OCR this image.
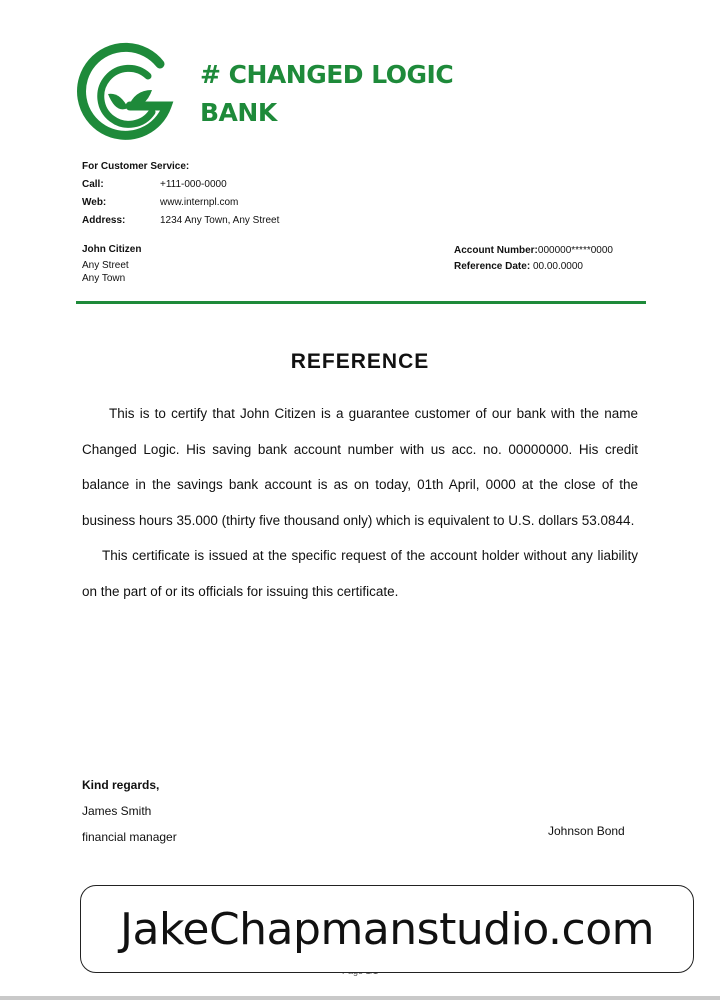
# CHANGED LOGIC
BANK
For Customer Service:
Call:	+111-000-0000
Web:	www.internpl.com
Address:	1234 Any Town, Any Street
John Citizen
Any Street
Any Town
Account Number:000000*****0000
Reference Date: 00.00.0000
REFERENCE

This is to certify that John Citizen is a guarantee customer of our bank with the name Changed Logic. His saving bank account number with us acc. no. 00000000. His credit balance in the savings bank account is as on today, 01th April, 0000 at the close of the business hours 35.000 (thirty five thousand only) which is equivalent to U.S. dollars 53.0844.

This certificate is issued at the specific request of the account holder without any liability on the part of or its officials for issuing this certificate.

Kind regards,
James Smith
financial manager	Johnson Bond
JakeChapmanstudio.com
